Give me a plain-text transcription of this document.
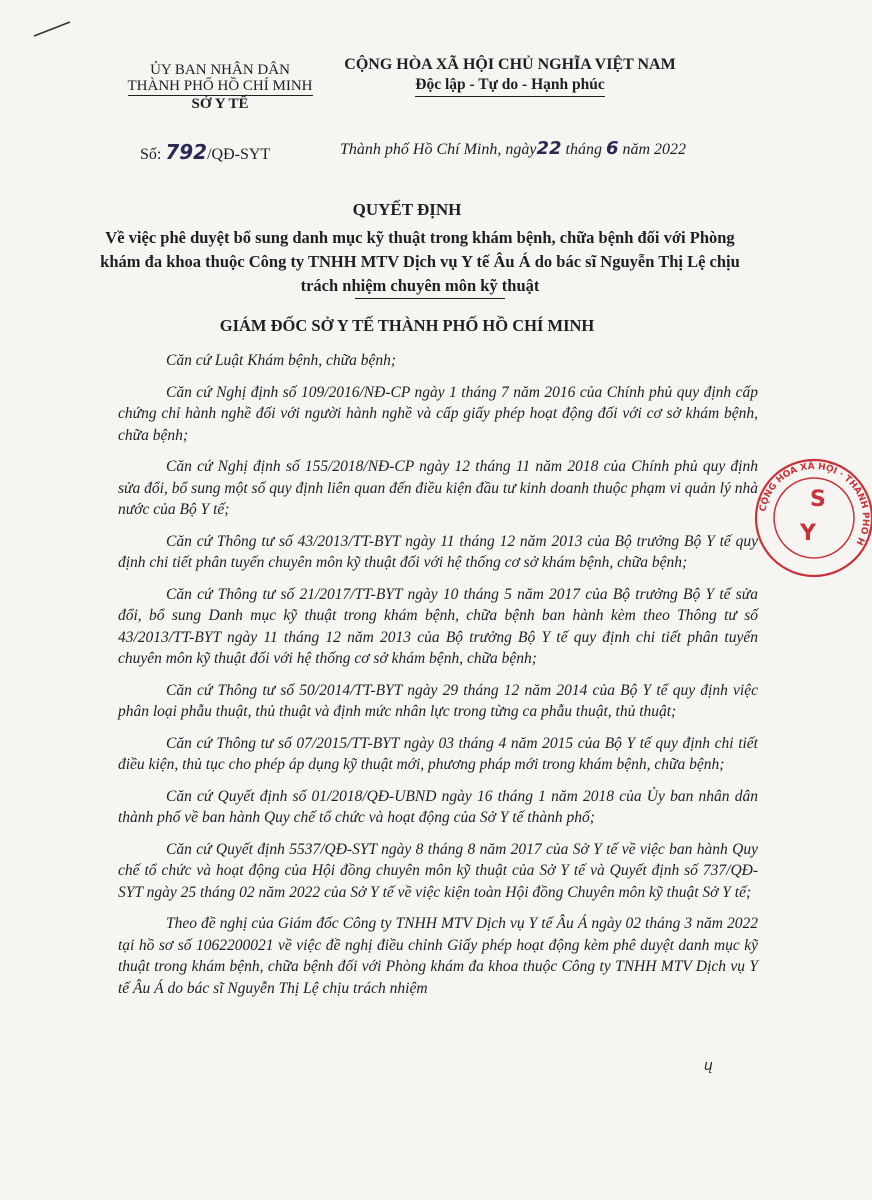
ỦY BAN NHÂN DÂN
THÀNH PHỐ HỒ CHÍ MINH
SỞ Y TẾ
CỘNG HÒA XÃ HỘI CHỦ NGHĨA VIỆT NAM
Độc lập - Tự do - Hạnh phúc
Số: 792/QĐ-SYT	Thành phố Hồ Chí Minh, ngày22 tháng 6 năm 2022
QUYẾT ĐỊNH
Về việc phê duyệt bổ sung danh mục kỹ thuật trong khám bệnh, chữa bệnh đối với Phòng khám đa khoa thuộc Công ty TNHH MTV Dịch vụ Y tế Âu Á do bác sĩ Nguyễn Thị Lệ chịu trách nhiệm chuyên môn kỹ thuật
GIÁM ĐỐC SỞ Y TẾ THÀNH PHỐ HỒ CHÍ MINH

Căn cứ Luật Khám bệnh, chữa bệnh;

Căn cứ Nghị định số 109/2016/NĐ-CP ngày 1 tháng 7 năm 2016 của Chính phủ quy định cấp chứng chỉ hành nghề đối với người hành nghề và cấp giấy phép hoạt động đối với cơ sở khám bệnh, chữa bệnh;

Căn cứ Nghị định số 155/2018/NĐ-CP ngày 12 tháng 11 năm 2018 của Chính phủ quy định sửa đổi, bổ sung một số quy định liên quan đến điều kiện đầu tư kinh doanh thuộc phạm vi quản lý nhà nước của Bộ Y tế;

Căn cứ Thông tư số 43/2013/TT-BYT ngày 11 tháng 12 năm 2013 của Bộ trưởng Bộ Y tế quy định chi tiết phân tuyến chuyên môn kỹ thuật đối với hệ thống cơ sở khám bệnh, chữa bệnh;

Căn cứ Thông tư số 21/2017/TT-BYT ngày 10 tháng 5 năm 2017 của Bộ trưởng Bộ Y tế sửa đổi, bổ sung Danh mục kỹ thuật trong khám bệnh, chữa bệnh ban hành kèm theo Thông tư số 43/2013/TT-BYT ngày 11 tháng 12 năm 2013 của Bộ trưởng Bộ Y tế quy định chi tiết phân tuyến chuyên môn kỹ thuật đối với hệ thống cơ sở khám bệnh, chữa bệnh;

Căn cứ Thông tư số 50/2014/TT-BYT ngày 29 tháng 12 năm 2014 của Bộ Y tế quy định việc phân loại phẫu thuật, thủ thuật và định mức nhân lực trong từng ca phẫu thuật, thủ thuật;

Căn cứ Thông tư số 07/2015/TT-BYT ngày 03 tháng 4 năm 2015 của Bộ Y tế quy định chi tiết điều kiện, thủ tục cho phép áp dụng kỹ thuật mới, phương pháp mới trong khám bệnh, chữa bệnh;

Căn cứ Quyết định số 01/2018/QĐ-UBND ngày 16 tháng 1 năm 2018 của Ủy ban nhân dân thành phố về ban hành Quy chế tổ chức và hoạt động của Sở Y tế thành phố;

Căn cứ Quyết định 5537/QĐ-SYT ngày 8 tháng 8 năm 2017 của Sở Y tế về việc ban hành Quy chế tổ chức và hoạt động của Hội đồng chuyên môn kỹ thuật của Sở Y tế và Quyết định số 737/QĐ-SYT ngày 25 tháng 02 năm 2022 của Sở Y tế về việc kiện toàn Hội đồng Chuyên môn kỹ thuật Sở Y tế;

Theo đề nghị của Giám đốc Công ty TNHH MTV Dịch vụ Y tế Âu Á ngày 02 tháng 3 năm 2022 tại hồ sơ số 1062200021 về việc đề nghị điều chỉnh Giấy phép hoạt động kèm phê duyệt danh mục kỹ thuật trong khám bệnh, chữa bệnh đối với Phòng khám đa khoa thuộc Công ty TNHH MTV Dịch vụ Y tế Âu Á do bác sĩ Nguyễn Thị Lệ chịu trách nhiệm

CỘNG HÒA XÃ HỘI · THÀNH PHỐ H
S
Y
ų
